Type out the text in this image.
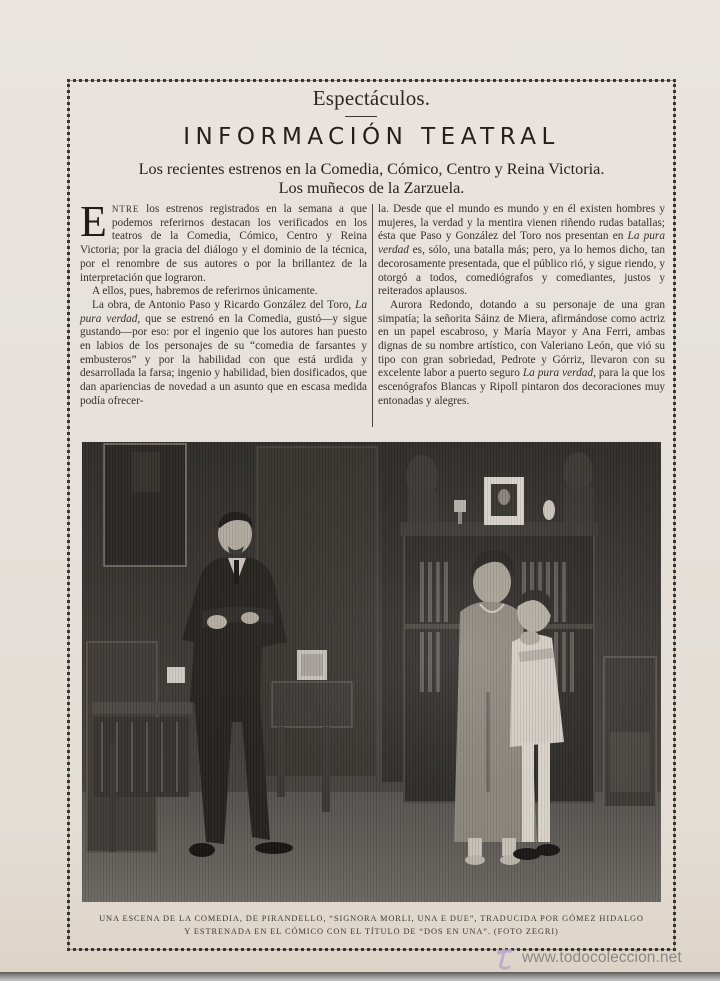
Espectáculos.
INFORMACIÓN TEATRAL
Los recientes estrenos en la Comedia, Cómico, Centro y Reina Victoria.
Los muñecos de la Zarzuela.

ENTRE los estrenos registrados en la semana a que podemos referirnos destacan los verificados en los teatros de la Comedia, Cómico, Centro y Reina Victoria; por la gracia del diálogo y el dominio de la técnica, por el renombre de sus autores o por la brillantez de la interpretación que lograron.

A ellos, pues, habremos de referirnos únicamente.

La obra, de Antonio Paso y Ricardo González del Toro, La pura verdad, que se estrenó en la Comedia, gustó—y sigue gustando—por eso: por el ingenio que los autores han puesto en labios de los personajes de su “comedia de farsantes y embusteros” y por la habilidad con que está urdida y desarrollada la farsa; ingenio y habilidad, bien dosificados, que dan apariencias de novedad a un asunto que en escasa medida podía ofrecer-

la. Desde que el mundo es mundo y en él existen hombres y mujeres, la verdad y la mentira vienen riñendo rudas batallas; ésta que Paso y González del Toro nos presentan en La pura verdad es, sólo, una batalla más; pero, ya lo hemos dicho, tan decorosamente presentada, que el público rió, y sigue riendo, y otorgó a todos, comediógrafos y comediantes, justos y reiterados aplausos.

Aurora Redondo, dotando a su personaje de una gran simpatía; la señorita Sáinz de Miera, afirmándose como actriz en un papel escabroso, y María Mayor y Ana Ferri, ambas dignas de su nombre artístico, con Valeriano León, que vió su tipo con gran sobriedad, Pedrote y Górriz, llevaron con su excelente labor a puerto seguro La pura verdad, para la que los escenógrafos Blancas y Ripoll pintaron dos decoraciones muy entonadas y alegres.

UNA ESCENA DE LA COMEDIA, DE PIRANDELLO, “SIGNORA MORLI, UNA E DUE”, TRADUCIDA POR GÓMEZ HIDALGO
Y ESTRENADA EN EL CÓMICO CON EL TÍTULO DE “DOS EN UNA”. (FOTO ZEGRI)
www.todocoleccion.net
